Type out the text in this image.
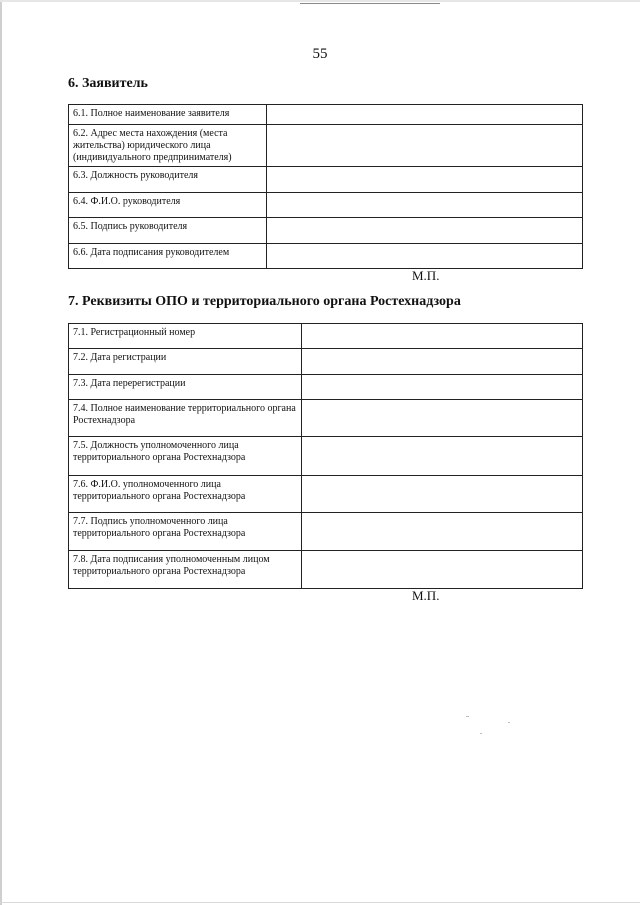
55
6. Заявитель
6.1. Полное наименование заявителя	
6.2. Адрес места нахождения (места жительства) юридического лица (индивидуального предпринимателя)	
6.3. Должность руководителя	
6.4. Ф.И.О. руководителя	
6.5. Подпись руководителя	
6.6. Дата подписания руководителем	
М.П.
7. Реквизиты ОПО и территориального органа Ростехнадзора
7.1. Регистрационный номер	
7.2. Дата регистрации	
7.3. Дата перерегистрации	
7.4. Полное наименование территориального органа Ростехнадзора	
7.5. Должность уполномоченного лица территориального органа Ростехнадзора	
7.6. Ф.И.О. уполномоченного лица территориального органа Ростехнадзора	
7.7. Подпись уполномоченного лица территориального органа Ростехнадзора	
7.8. Дата подписания уполномоченным лицом территориального органа Ростехнадзора	
М.П.
